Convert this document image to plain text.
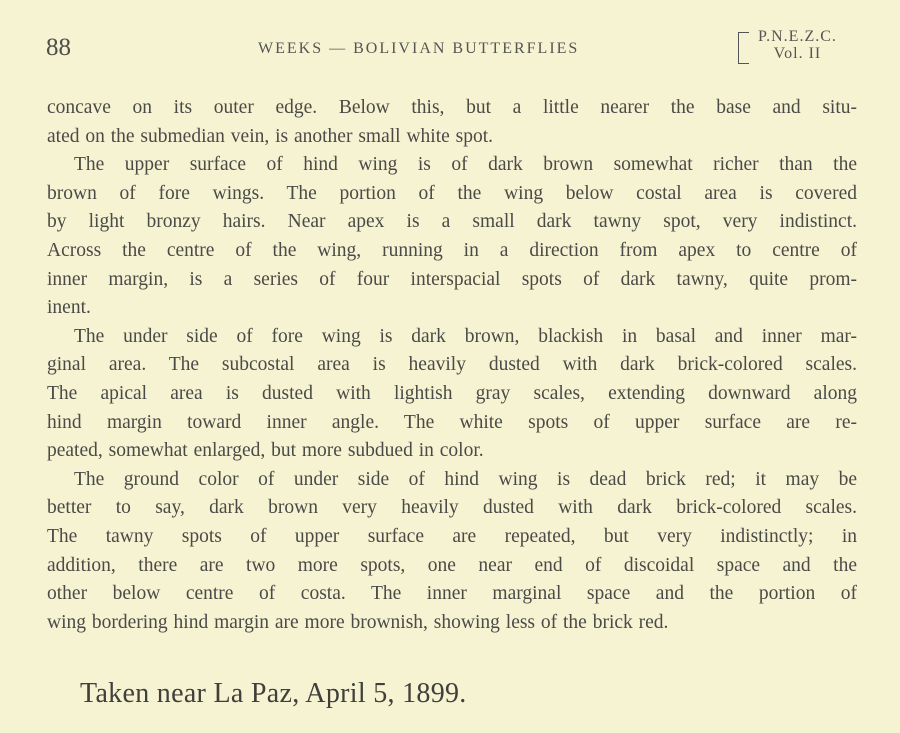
88	WEEKS — BOLIVIAN BUTTERFLIES
P.N.E.Z.C.
Vol. II
concave on its outer edge. Below this, but a little nearer the base and situ-
ated on the submedian vein, is another small white spot.
The upper surface of hind wing is of dark brown somewhat richer than the
brown of fore wings. The portion of the wing below costal area is covered
by light bronzy hairs. Near apex is a small dark tawny spot, very indistinct.
Across the centre of the wing, running in a direction from apex to centre of
inner margin, is a series of four interspacial spots of dark tawny, quite prom-
inent.
The under side of fore wing is dark brown, blackish in basal and inner mar-
ginal area. The subcostal area is heavily dusted with dark brick-colored scales.
The apical area is dusted with lightish gray scales, extending downward along
hind margin toward inner angle. The white spots of upper surface are re-
peated, somewhat enlarged, but more subdued in color.
The ground color of under side of hind wing is dead brick red; it may be
better to say, dark brown very heavily dusted with dark brick-colored scales.
The tawny spots of upper surface are repeated, but very indistinctly; in
addition, there are two more spots, one near end of discoidal space and the
other below centre of costa. The inner marginal space and the portion of
wing bordering hind margin are more brownish, showing less of the brick red.
Taken near La Paz, April 5, 1899.
